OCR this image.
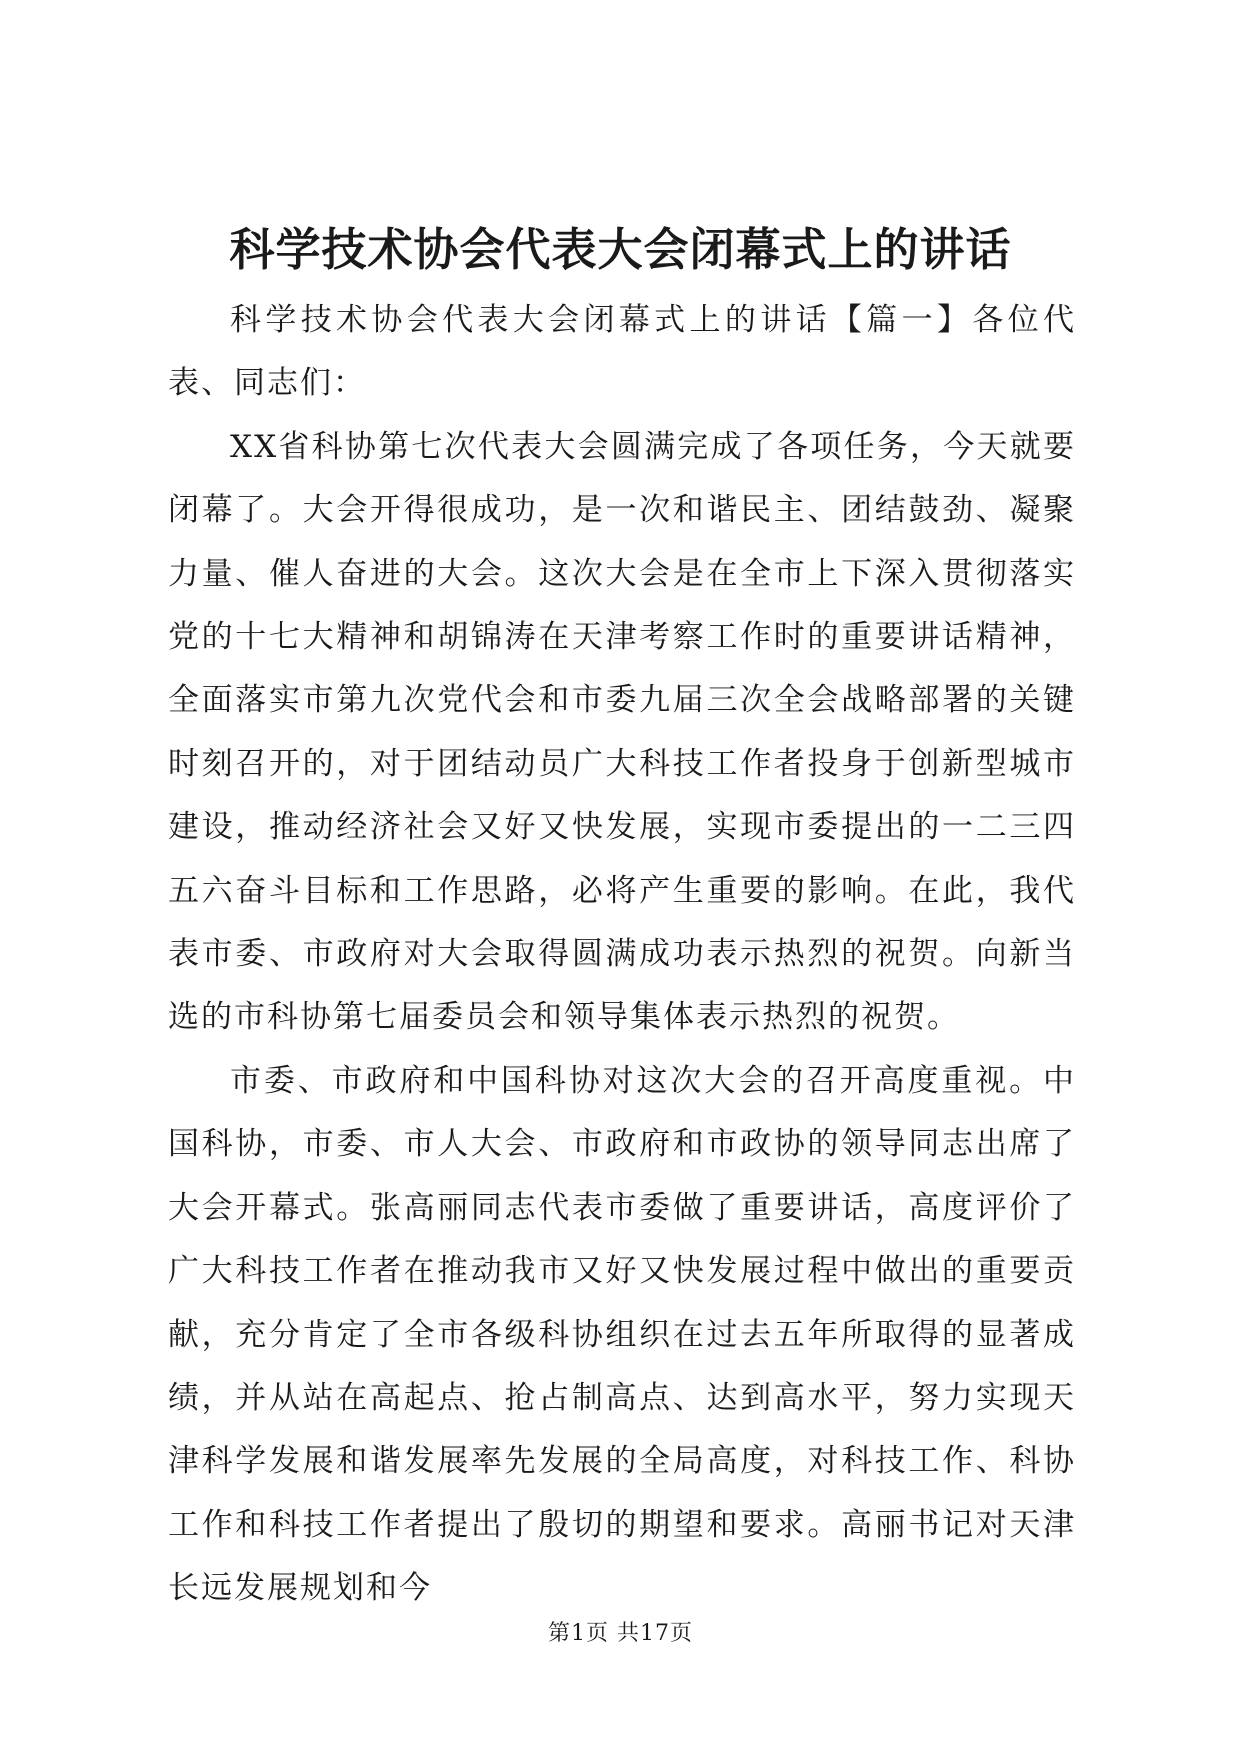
科学技术协会代表大会闭幕式上的讲话

科学技术协会代表大会闭幕式上的讲话【篇一】各位代表、同志们：

XX省科协第七次代表大会圆满完成了各项任务，今天就要闭幕了。大会开得很成功，是一次和谐民主、团结鼓劲、凝聚力量、催人奋进的大会。这次大会是在全市上下深入贯彻落实党的十七大精神和胡锦涛在天津考察工作时的重要讲话精神，全面落实市第九次党代会和市委九届三次全会战略部署的关键时刻召开的，对于团结动员广大科技工作者投身于创新型城市建设，推动经济社会又好又快发展，实现市委提出的一二三四五六奋斗目标和工作思路，必将产生重要的影响。在此，我代表市委、市政府对大会取得圆满成功表示热烈的祝贺。向新当选的市科协第七届委员会和领导集体表示热烈的祝贺。

市委、市政府和中国科协对这次大会的召开高度重视。中国科协，市委、市人大会、市政府和市政协的领导同志出席了大会开幕式。张高丽同志代表市委做了重要讲话，高度评价了广大科技工作者在推动我市又好又快发展过程中做出的重要贡献，充分肯定了全市各级科协组织在过去五年所取得的显著成绩，并从站在高起点、抢占制高点、达到高水平，努力实现天津科学发展和谐发展率先发展的全局高度，对科技工作、科协工作和科技工作者提出了殷切的期望和要求。高丽书记对天津长远发展规划和今

第1页 共17页
